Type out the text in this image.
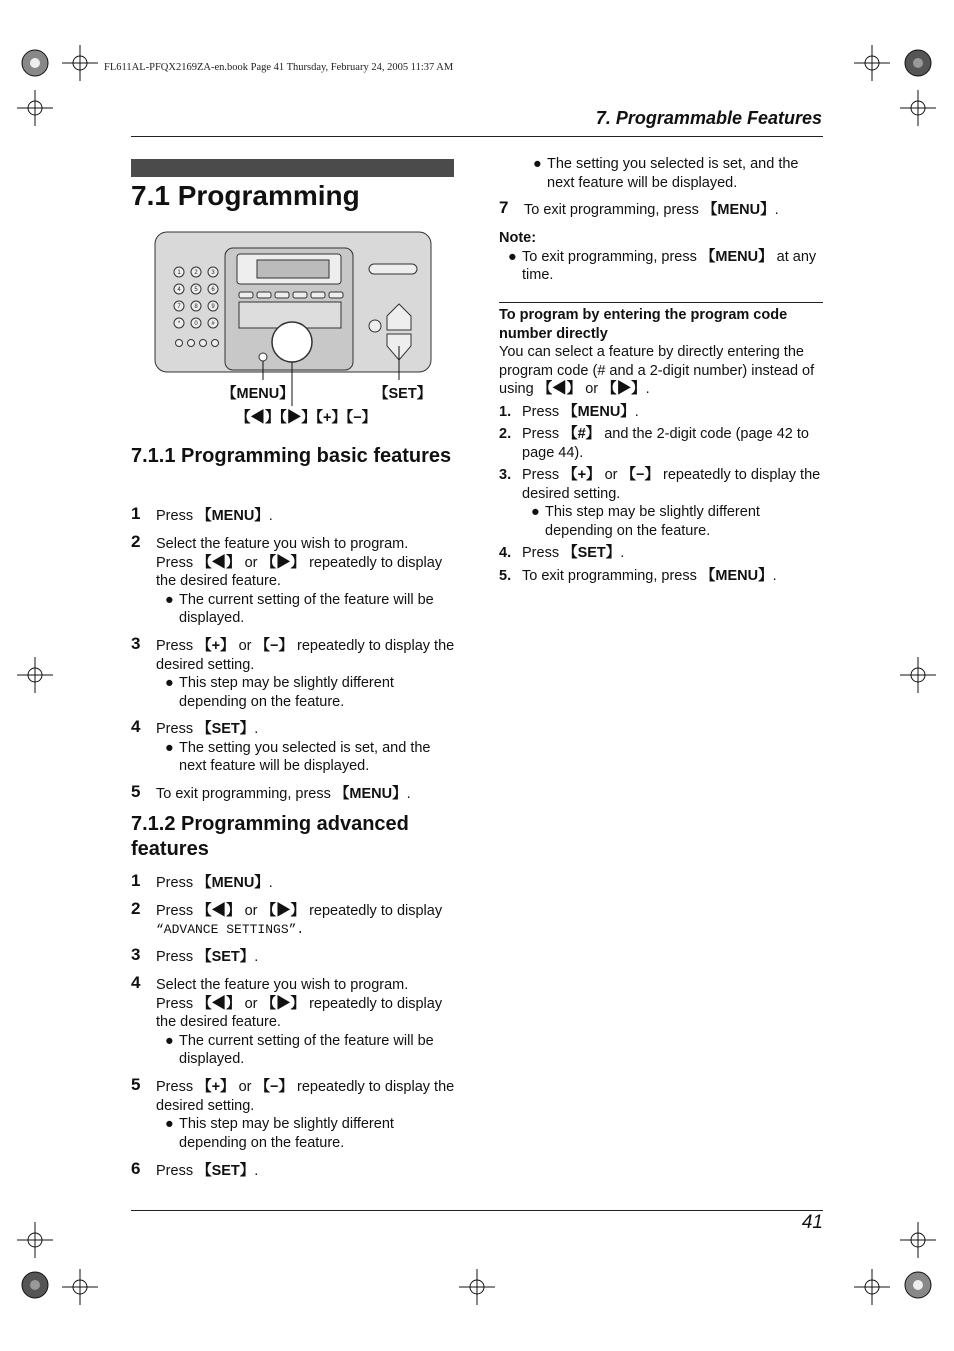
FL611AL-PFQX2169ZA-en.book Page 41 Thursday, February 24, 2005 11:37 AM
7. Programmable Features
7.1 Programming
1 2 3
4 5 6
7 8 9
* 0 #
【MENU】	【SET】
【◀】【▶】【+】【−】
7.1.1 Programming basic features
1 Press 【MENU】.
2 Select the feature you wish to program.
Press 【◀】 or 【▶】 repeatedly to display the desired feature.
● The current setting of the feature will be displayed.
3 Press 【+】 or 【−】 repeatedly to display the desired setting.
● This step may be slightly different depending on the feature.
4 Press 【SET】.
● The setting you selected is set, and the next feature will be displayed.
5 To exit programming, press 【MENU】.
7.1.2 Programming advanced features
1 Press 【MENU】.
2 Press 【◀】 or 【▶】 repeatedly to display
“ADVANCE SETTINGS”.
3 Press 【SET】.
4 Select the feature you wish to program.
Press 【◀】 or 【▶】 repeatedly to display the desired feature.
● The current setting of the feature will be displayed.
5 Press 【+】 or 【−】 repeatedly to display the desired setting.
● This step may be slightly different depending on the feature.
6 Press 【SET】.
● The setting you selected is set, and the next feature will be displayed.
7 To exit programming, press 【MENU】.
Note:
● To exit programming, press 【MENU】 at any time.
To program by entering the program code number directly
You can select a feature by directly entering the program code (# and a 2-digit number) instead of using 【◀】 or 【▶】.
1. Press 【MENU】.
2. Press 【#】 and the 2-digit code (page 42 to page 44).
3. Press 【+】 or 【−】 repeatedly to display the desired setting.
● This step may be slightly different depending on the feature.
4. Press 【SET】.
5. To exit programming, press 【MENU】.
41
